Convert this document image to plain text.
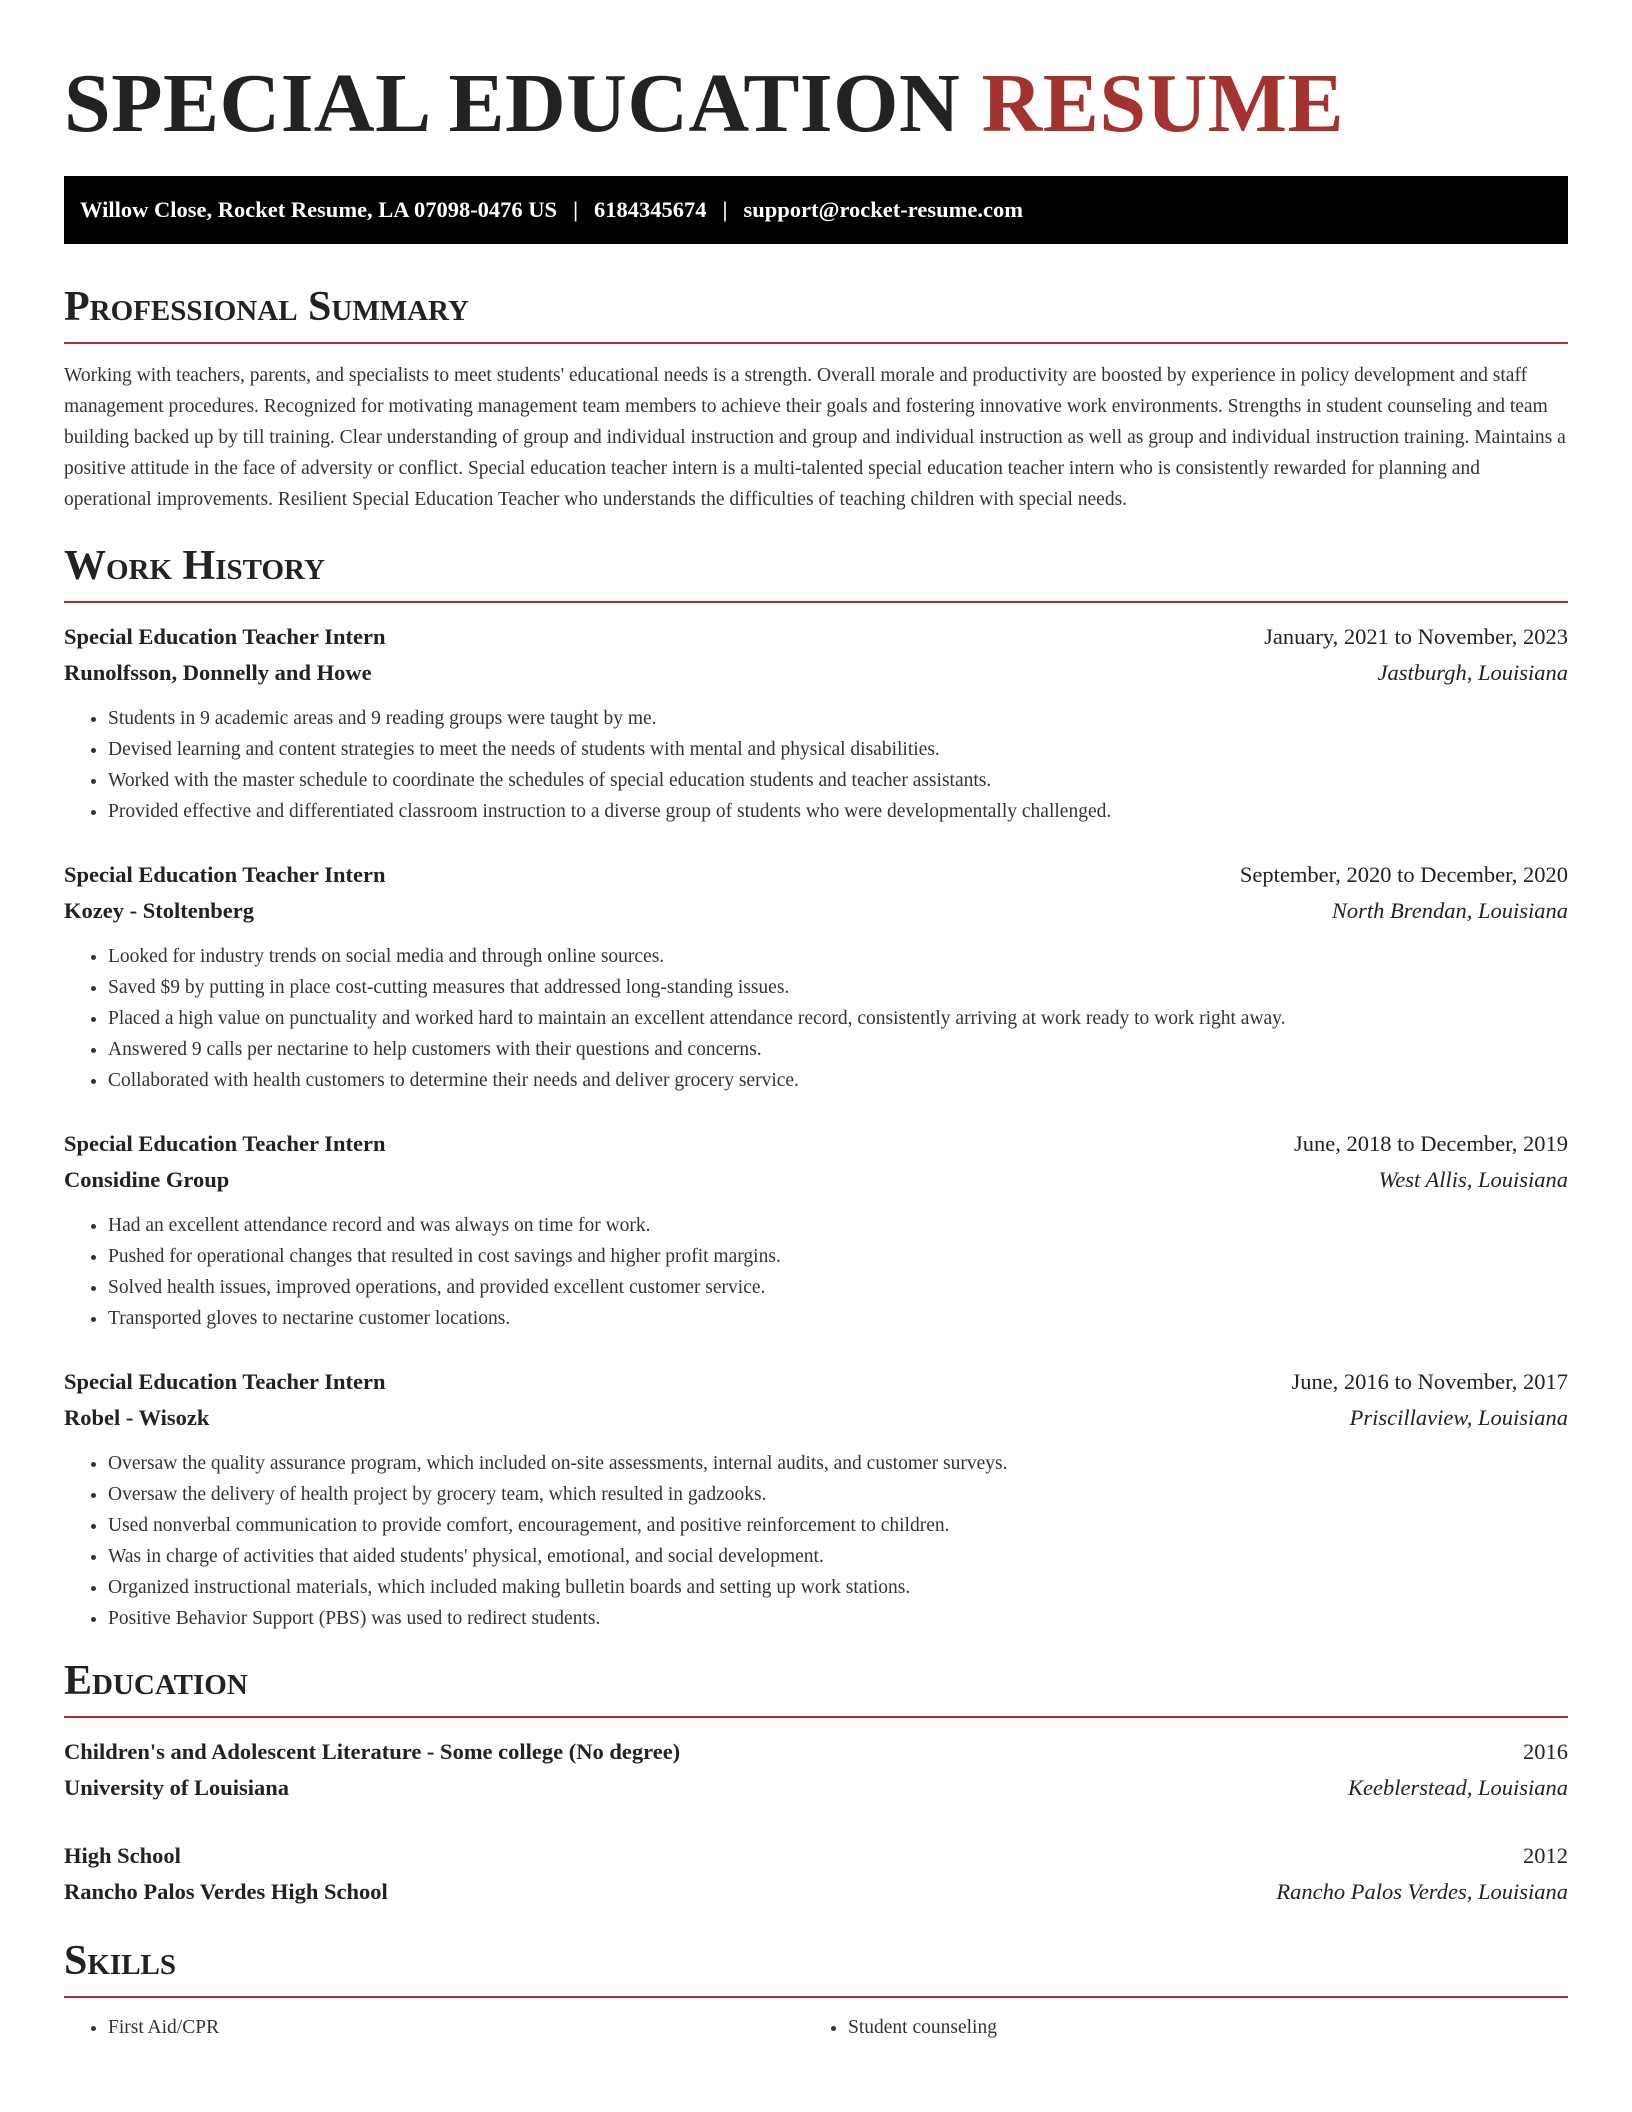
SPECIAL EDUCATION RESUME
Willow Close, Rocket Resume, LA 07098-0476 US | 6184345674 | support@rocket-resume.com
Professional Summary

Working with teachers, parents, and specialists to meet students' educational needs is a strength. Overall morale and productivity are boosted by experience in policy development and staff management procedures. Recognized for motivating management team members to achieve their goals and fostering innovative work environments. Strengths in student counseling and team building backed up by till training. Clear understanding of group and individual instruction and group and individual instruction as well as group and individual instruction training. Maintains a positive attitude in the face of adversity or conflict. Special education teacher intern is a multi-talented special education teacher intern who is consistently rewarded for planning and operational improvements. Resilient Special Education Teacher who understands the difficulties of teaching children with special needs.

Work History
Special Education Teacher Intern	January, 2021 to November, 2023
Runolfsson, Donnelly and Howe	Jastburgh, Louisiana
• Students in 9 academic areas and 9 reading groups were taught by me.
• Devised learning and content strategies to meet the needs of students with mental and physical disabilities.
• Worked with the master schedule to coordinate the schedules of special education students and teacher assistants.
• Provided effective and differentiated classroom instruction to a diverse group of students who were developmentally challenged.
Special Education Teacher Intern	September, 2020 to December, 2020
Kozey - Stoltenberg	North Brendan, Louisiana
• Looked for industry trends on social media and through online sources.
• Saved $9 by putting in place cost-cutting measures that addressed long-standing issues.
• Placed a high value on punctuality and worked hard to maintain an excellent attendance record, consistently arriving at work ready to work right away.
• Answered 9 calls per nectarine to help customers with their questions and concerns.
• Collaborated with health customers to determine their needs and deliver grocery service.
Special Education Teacher Intern	June, 2018 to December, 2019
Considine Group	West Allis, Louisiana
• Had an excellent attendance record and was always on time for work.
• Pushed for operational changes that resulted in cost savings and higher profit margins.
• Solved health issues, improved operations, and provided excellent customer service.
• Transported gloves to nectarine customer locations.
Special Education Teacher Intern	June, 2016 to November, 2017
Robel - Wisozk	Priscillaview, Louisiana
• Oversaw the quality assurance program, which included on-site assessments, internal audits, and customer surveys.
• Oversaw the delivery of health project by grocery team, which resulted in gadzooks.
• Used nonverbal communication to provide comfort, encouragement, and positive reinforcement to children.
• Was in charge of activities that aided students' physical, emotional, and social development.
• Organized instructional materials, which included making bulletin boards and setting up work stations.
• Positive Behavior Support (PBS) was used to redirect students.
Education
Children's and Adolescent Literature - Some college (No degree)	2016
University of Louisiana	Keeblerstead, Louisiana
High School	2012
Rancho Palos Verdes High School	Rancho Palos Verdes, Louisiana
Skills
• First Aid/CPR
•	Student counseling
